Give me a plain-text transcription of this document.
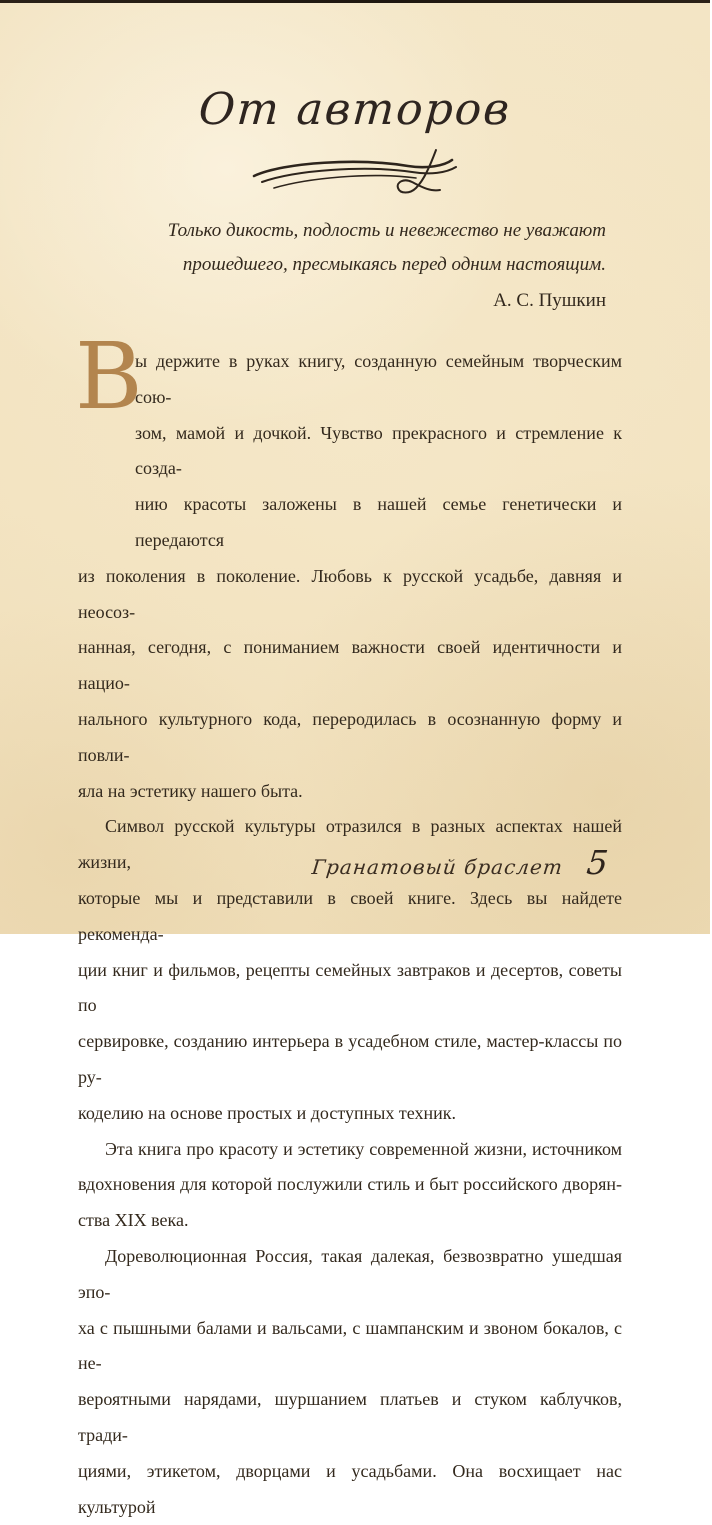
От авторов
Только дикость, подлость и невежество не уважают
прошедшего, пресмыкаясь перед одним настоящим.
А. С. Пушкин
В
ы держите в руках книгу, созданную семейным творческим сою-
зом, мамой и дочкой. Чувство прекрасного и стремление к созда-
нию красоты заложены в нашей семье генетически и передаются
из поколения в поколение. Любовь к русской усадьбе, давняя и неосоз-
нанная, сегодня, с пониманием важности своей идентичности и нацио-
нального культурного кода, переродилась в осознанную форму и повли-
яла на эстетику нашего быта.
Символ русской культуры отразился в разных аспектах нашей жизни,
которые мы и представили в своей книге. Здесь вы найдете рекоменда-
ции книг и фильмов, рецепты семейных завтраков и десертов, советы по
сервировке, созданию интерьера в усадебном стиле, мастер-классы по ру-
коделию на основе простых и доступных техник.
Эта книга про красоту и эстетику современной жизни, источником
вдохновения для которой послужили стиль и быт российского дворян-
ства XIX века.
Дореволюционная Россия, такая далекая, безвозвратно ушедшая эпо-
ха с пышными балами и вальсами, с шампанским и звоном бокалов, с не-
вероятными нарядами, шуршанием платьев и стуком каблучков, тради-
циями, этикетом, дворцами и усадьбами. Она восхищает нас культурой
Гранатовый браслет 5
